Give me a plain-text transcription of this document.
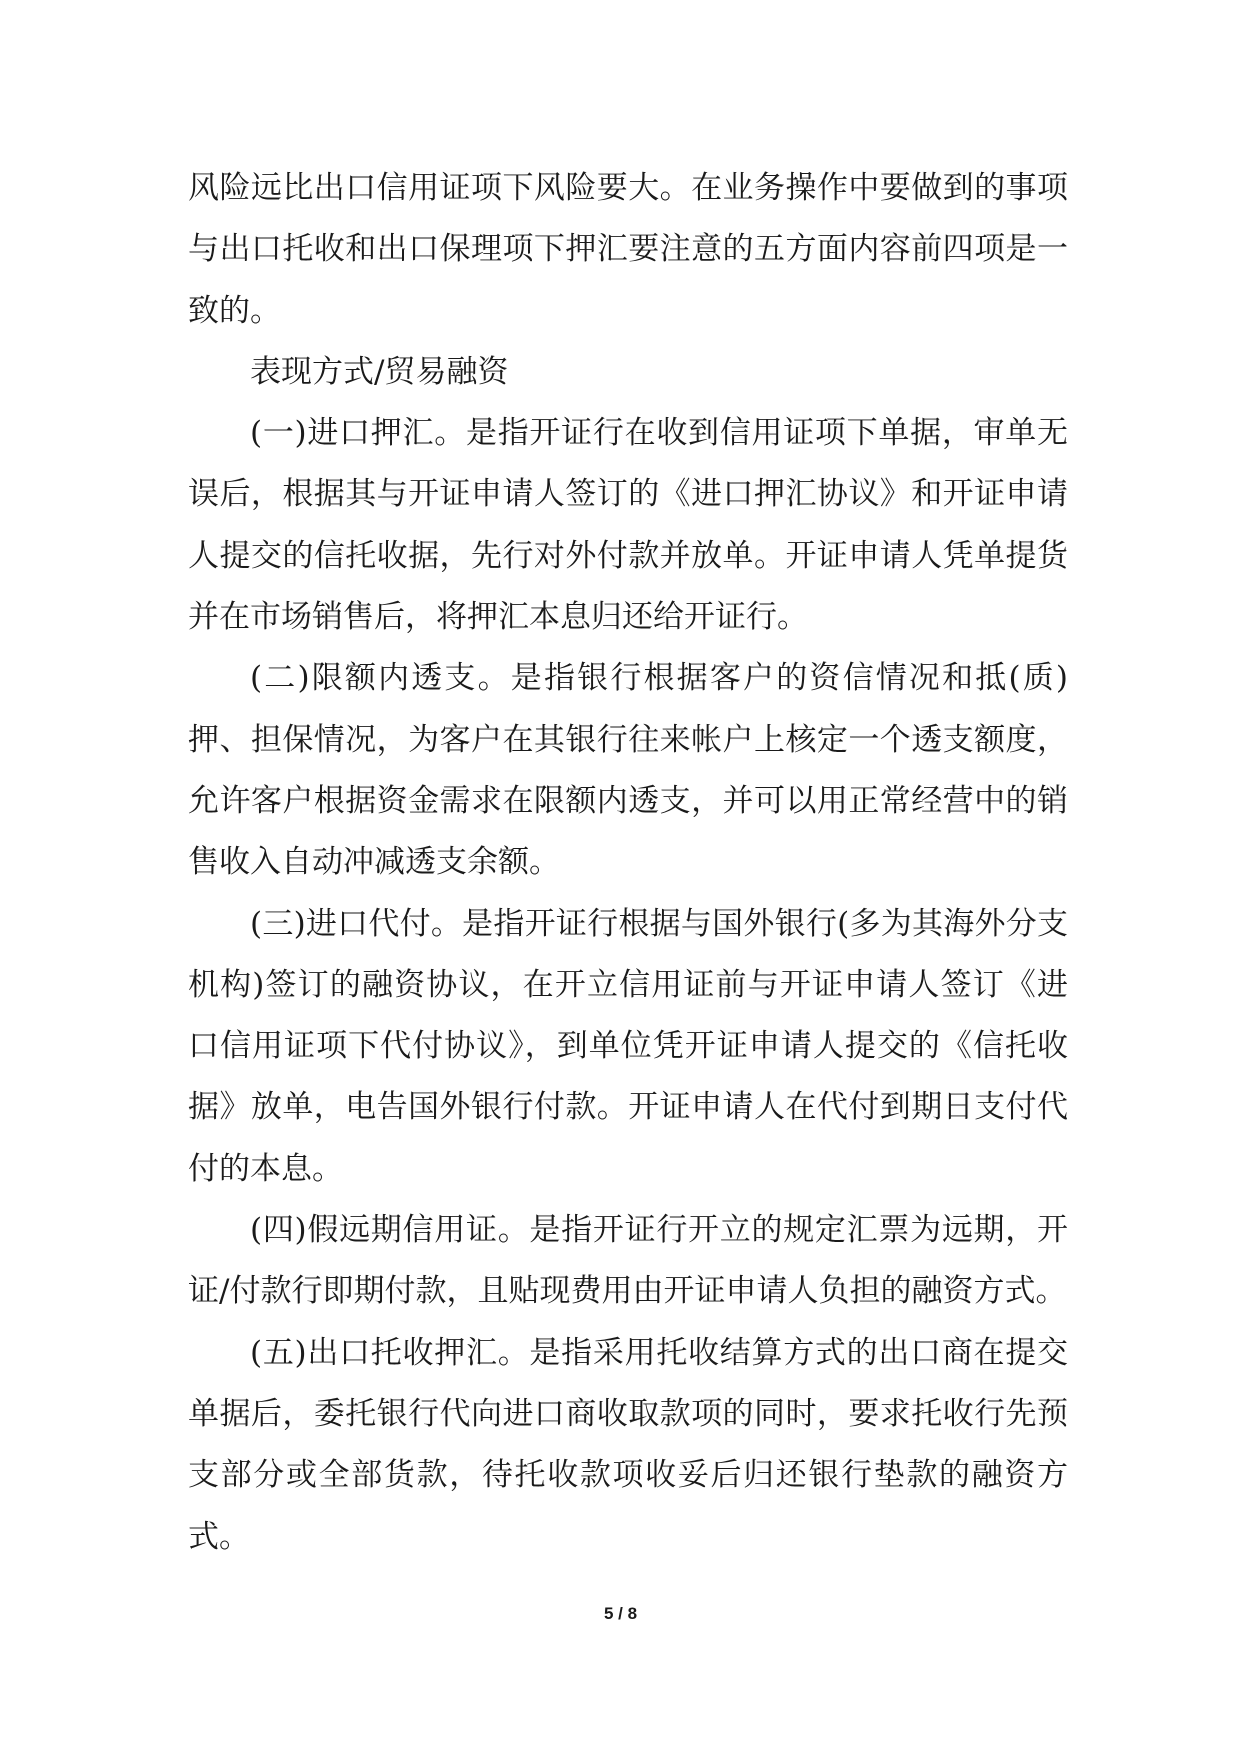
风险远比出口信用证项下风险要大。在业务操作中要做到的事项与出口托收和出口保理项下押汇要注意的五方面内容前四项是一致的。

表现方式/贸易融资

(一)进口押汇。是指开证行在收到信用证项下单据，审单无误后，根据其与开证申请人签订的《进口押汇协议》和开证申请人提交的信托收据，先行对外付款并放单。开证申请人凭单提货并在市场销售后，将押汇本息归还给开证行。

(二)限额内透支。是指银行根据客户的资信情况和抵(质)押、担保情况，为客户在其银行往来帐户上核定一个透支额度，允许客户根据资金需求在限额内透支，并可以用正常经营中的销售收入自动冲减透支余额。

(三)进口代付。是指开证行根据与国外银行(多为其海外分支机构)签订的融资协议，在开立信用证前与开证申请人签订《进口信用证项下代付协议》，到单位凭开证申请人提交的《信托收据》放单，电告国外银行付款。开证申请人在代付到期日支付代付的本息。

(四)假远期信用证。是指开证行开立的规定汇票为远期，开证/付款行即期付款，且贴现费用由开证申请人负担的融资方式。

(五)出口托收押汇。是指采用托收结算方式的出口商在提交单据后，委托银行代向进口商收取款项的同时，要求托收行先预支部分或全部货款，待托收款项收妥后归还银行垫款的融资方式。

5 / 8
